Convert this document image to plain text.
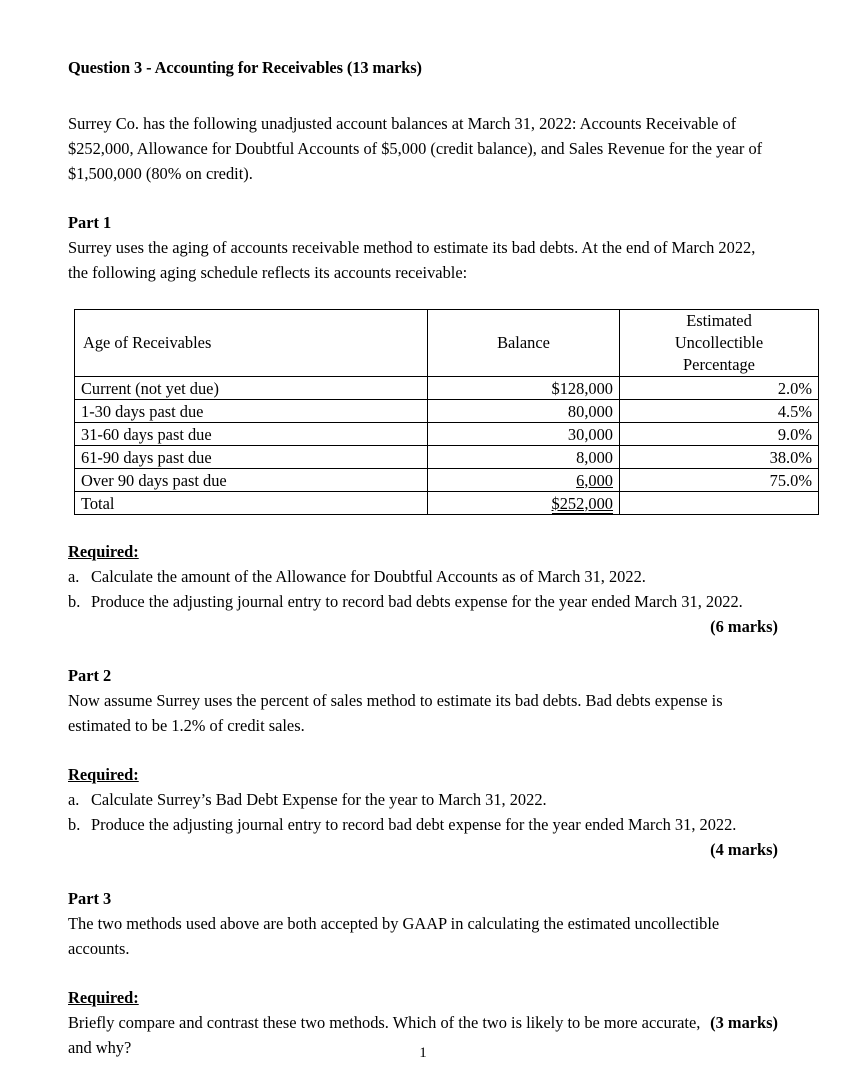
Question 3 - Accounting for Receivables (13 marks)
Surrey Co. has the following unadjusted account balances at March 31, 2022: Accounts Receivable of $252,000, Allowance for Doubtful Accounts of $5,000 (credit balance), and Sales Revenue for the year of $1,500,000 (80% on credit).
Part 1
Surrey uses the aging of accounts receivable method to estimate its bad debts. At the end of March 2022, the following aging schedule reflects its accounts receivable:
Age of Receivables	Balance	Estimated
Uncollectible
Percentage

Current (not yet due)	$128,000	2.0%
1-30 days past due	80,000	4.5%
31-60 days past due	30,000	9.0%
61-90 days past due	8,000	38.0%
Over 90 days past due	6,000	75.0%
Total	$252,000	
Required:
a. Calculate the amount of the Allowance for Doubtful Accounts as of March 31, 2022.
b. Produce the adjusting journal entry to record bad debts expense for the year ended March 31, 2022.
(6 marks)
Part 2
Now assume Surrey uses the percent of sales method to estimate its bad debts. Bad debts expense is estimated to be 1.2% of credit sales.
Required:
a. Calculate Surrey’s Bad Debt Expense for the year to March 31, 2022.
b. Produce the adjusting journal entry to record bad debt expense for the year ended March 31, 2022.
(4 marks)
Part 3
The two methods used above are both accepted by GAAP in calculating the estimated uncollectible accounts.
Required:
(3 marks)
Briefly compare and contrast these two methods. Which of the two is likely to be more accurate, and why?	1
